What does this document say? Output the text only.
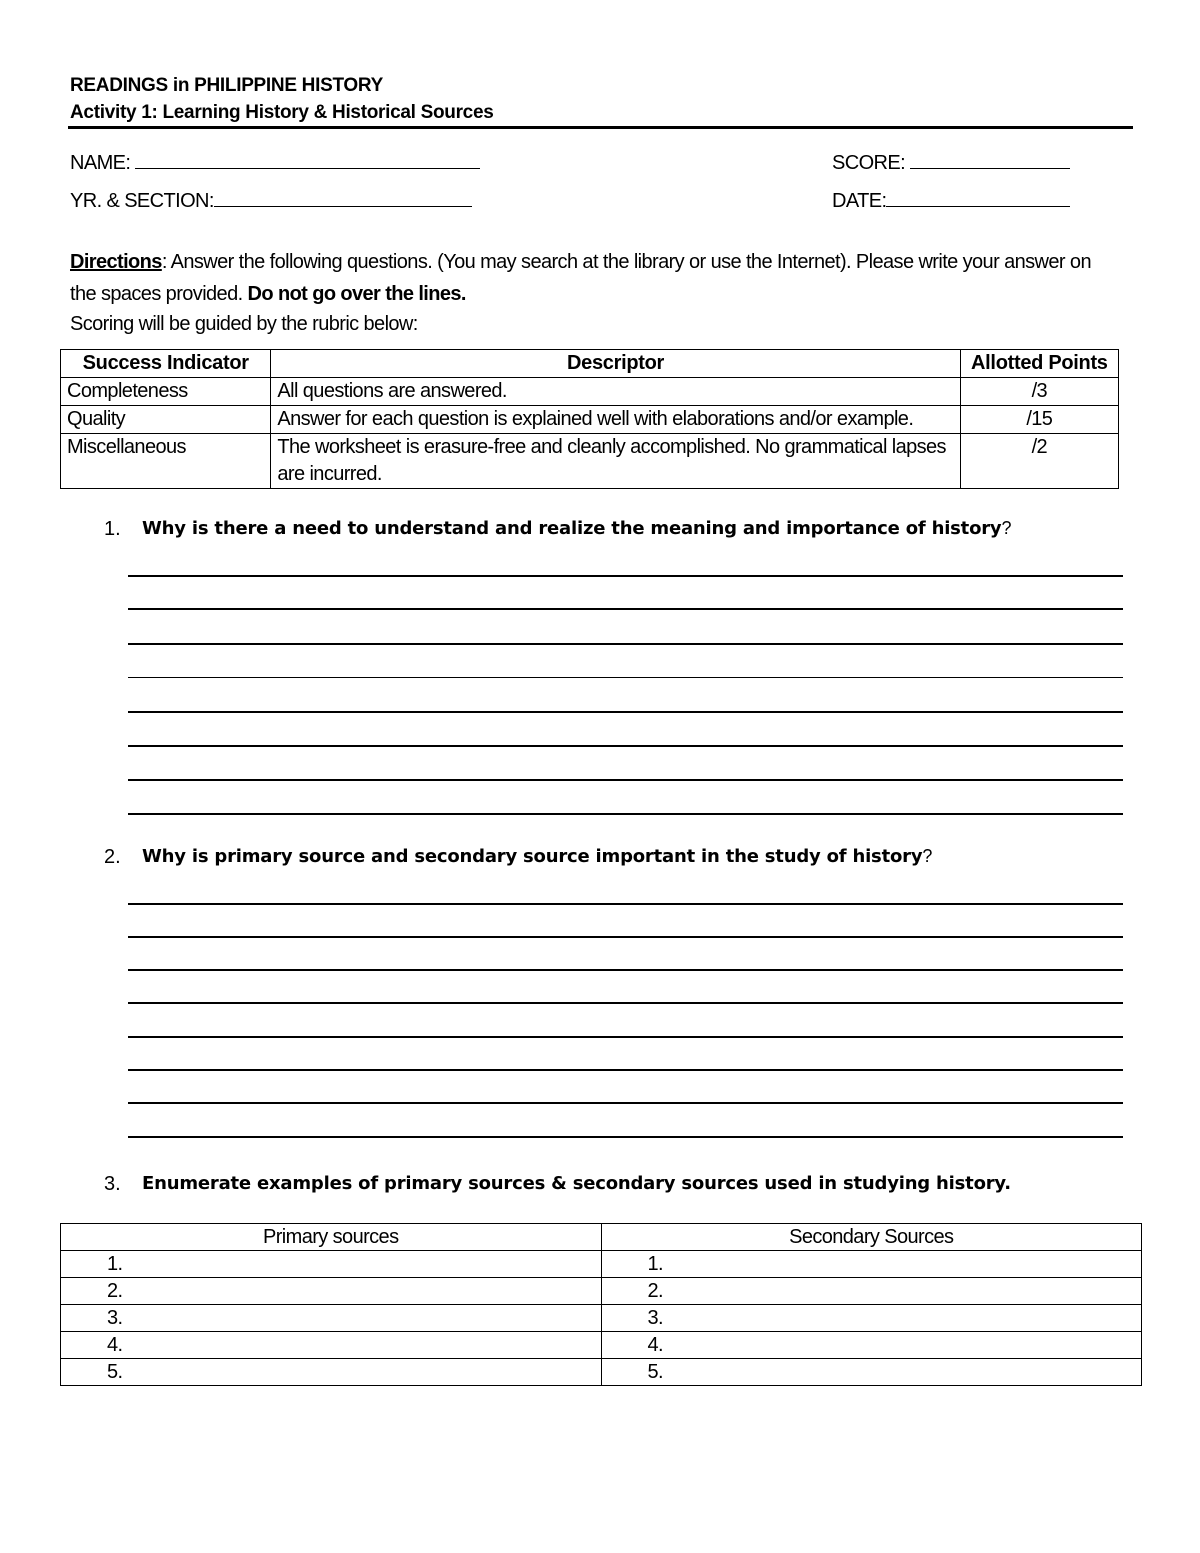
READINGS in PHILIPPINE HISTORY
Activity 1: Learning History & Historical Sources
NAME:	SCORE:
YR. & SECTION:	DATE:
Directions: Answer the following questions. (You may search at the library or use the Internet). Please write your answer on the spaces provided. Do not go over the lines.
Scoring will be guided by the rubric below:
Success Indicator	Descriptor	Allotted Points
Completeness	All questions are answered.	/3
Quality	Answer for each question is explained well with elaborations and/or example.	/15
Miscellaneous	The worksheet is erasure-free and cleanly accomplished. No grammatical lapses are incurred.	/2
1. Why is there a need to understand and realize the meaning and importance of history?
2. Why is primary source and secondary source important in the study of history?
3. Enumerate examples of primary sources & secondary sources used in studying history.
Primary sources	Secondary Sources
1.	1.
2.	2.
3.	3.
4.	4.
5.	5.
